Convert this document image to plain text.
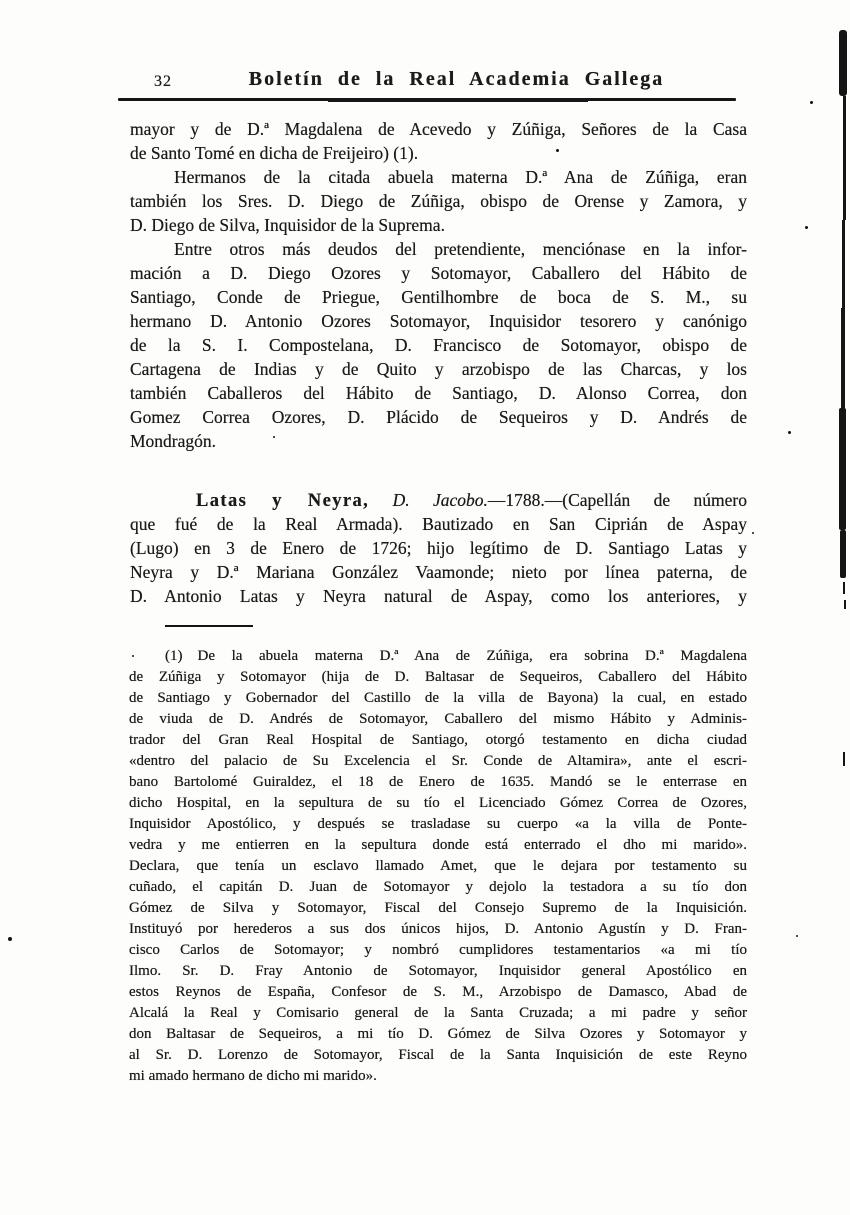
32	Boletín de la Real Academia Gallega
mayor y de D.ª Magdalena de Acevedo y Zúñiga, Señores de la Casa
de Santo Tomé en dicha de Freijeiro) (1).
Hermanos de la citada abuela materna D.ª Ana de Zúñiga, eran
también los Sres. D. Diego de Zúñiga, obispo de Orense y Zamora, y
D. Diego de Silva, Inquisidor de la Suprema.
Entre otros más deudos del pretendiente, menciónase en la infor-
mación a D. Diego Ozores y Sotomayor, Caballero del Hábito de
Santiago, Conde de Priegue, Gentilhombre de boca de S. M., su
hermano D. Antonio Ozores Sotomayor, Inquisidor tesorero y canónigo
de la S. I. Compostelana, D. Francisco de Sotomayor, obispo de
Cartagena de Indias y de Quito y arzobispo de las Charcas, y los
también Caballeros del Hábito de Santiago, D. Alonso Correa, don
Gomez Correa Ozores, D. Plácido de Sequeiros y D. Andrés de
Mondragón.
Latas y Neyra, D. Jacobo.—1788.—(Capellán de número
que fué de la Real Armada). Bautizado en San Ciprián de Aspay
(Lugo) en 3 de Enero de 1726; hijo legítimo de D. Santiago Latas y
Neyra y D.ª Mariana González Vaamonde; nieto por línea paterna, de
D. Antonio Latas y Neyra natural de Aspay, como los anteriores, y
(1)  De la abuela materna D.ª Ana de Zúñiga, era sobrina D.ª Magdalena
de Zúñiga y Sotomayor (hija de D. Baltasar de Sequeiros, Caballero del Hábito
de Santiago y Gobernador del Castillo de la villa de Bayona) la cual, en estado
de viuda de D. Andrés de Sotomayor, Caballero del mismo Hábito y Adminis-
trador del Gran Real Hospital de Santiago, otorgó testamento en dicha ciudad
«dentro del palacio de Su Excelencia el Sr. Conde de Altamira», ante el escri-
bano Bartolomé Guiraldez, el 18 de Enero de 1635. Mandó se le enterrase en
dicho Hospital, en la sepultura de su tío el Licenciado Gómez Correa de Ozores,
Inquisidor Apostólico, y después se trasladase su cuerpo «a la villa de Ponte-
vedra y me entierren en la sepultura donde está enterrado el dho mi marido».
Declara, que tenía un esclavo llamado Amet, que le dejara por testamento su
cuñado, el capitán D. Juan de Sotomayor y dejolo la testadora a su tío don
Gómez de Silva y Sotomayor, Fiscal del Consejo Supremo de la Inquisición.
Instituyó por herederos a sus dos únicos hijos, D. Antonio Agustín y D. Fran-
cisco Carlos de Sotomayor; y nombró cumplidores testamentarios «a mi tío
Ilmo. Sr. D. Fray Antonio de Sotomayor, Inquisidor general Apostólico en
estos Reynos de España, Confesor de S. M., Arzobispo de Damasco, Abad de
Alcalá la Real y Comisario general de la Santa Cruzada; a mi padre y señor
don Baltasar de Sequeiros, a mi tío D. Gómez de Silva Ozores y Sotomayor y
al Sr. D. Lorenzo de Sotomayor, Fiscal de la Santa Inquisición de este Reyno
mi amado hermano de dicho mi marido».
